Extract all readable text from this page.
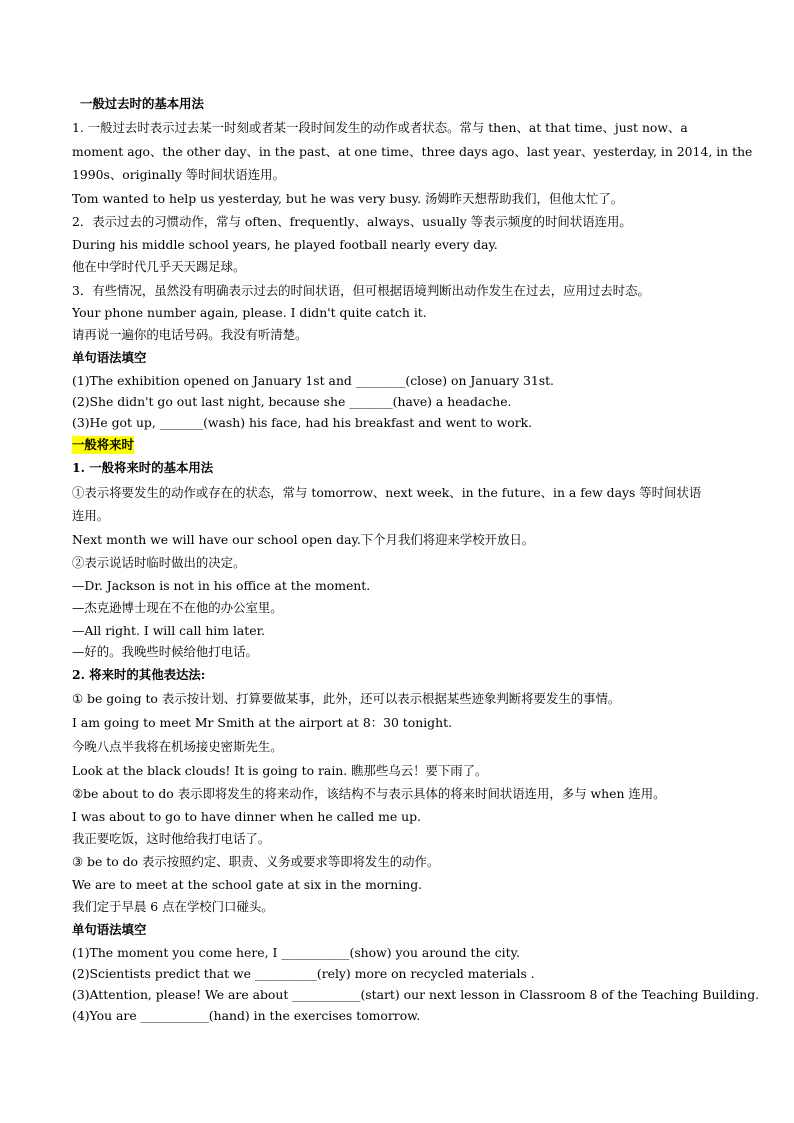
一般过去时的基本用法
1. 一般过去时表示过去某一时刻或者某一段时间发生的动作或者状态。常与 then、at that time、just now、a
moment ago、the other day、in the past、at one time、three days ago、last year、yesterday, in 2014, in the
1990s、originally 等时间状语连用。
Tom wanted to help us yesterday, but he was very busy. 汤姆昨天想帮助我们，但他太忙了。
2．表示过去的习惯动作，常与 often、frequently、always、usually 等表示频度的时间状语连用。
During his middle school years, he played football nearly every day.
他在中学时代几乎天天踢足球。
3．有些情况，虽然没有明确表示过去的时间状语，但可根据语境判断出动作发生在过去，应用过去时态。
Your phone number again, please. I didn't quite catch it.
请再说一遍你的电话号码。我没有听清楚。
单句语法填空
(1)The exhibition opened on January 1st and ________(close) on January 31st.
(2)She didn't go out last night, because she _______(have) a headache.
(3)He got up, _______(wash) his face, had his breakfast and went to work.
一般将来时
1. 一般将来时的基本用法
①表示将要发生的动作或存在的状态，常与 tomorrow、next week、in the future、in a few days 等时间状语
连用。
Next month we will have our school open day.下个月我们将迎来学校开放日。
②表示说话时临时做出的决定。
—Dr. Jackson is not in his office at the moment.
—杰克逊博士现在不在他的办公室里。
—All right. I will call him later.
—好的。我晚些时候给他打电话。
2. 将来时的其他表达法:
① be going to 表示按计划、打算要做某事，此外，还可以表示根据某些迹象判断将要发生的事情。
I am going to meet Mr Smith at the airport at 8：30 tonight.
今晚八点半我将在机场接史密斯先生。
Look at the black clouds! It is going to rain. 瞧那些乌云！要下雨了。
②be about to do 表示即将发生的将来动作，该结构不与表示具体的将来时间状语连用，多与 when 连用。
I was about to go to have dinner when he called me up.
我正要吃饭，这时他给我打电话了。
③ be to do 表示按照约定、职责、义务或要求等即将发生的动作。
We are to meet at the school gate at six in the morning.
我们定于早晨 6 点在学校门口碰头。
单句语法填空
(1)The moment you come here, I ___________(show) you around the city.
(2)Scientists predict that we __________(rely) more on recycled materials .
(3)Attention, please! We are about ___________(start) our next lesson in Classroom 8 of the Teaching Building.
(4)You are ___________(hand) in the exercises tomorrow.
